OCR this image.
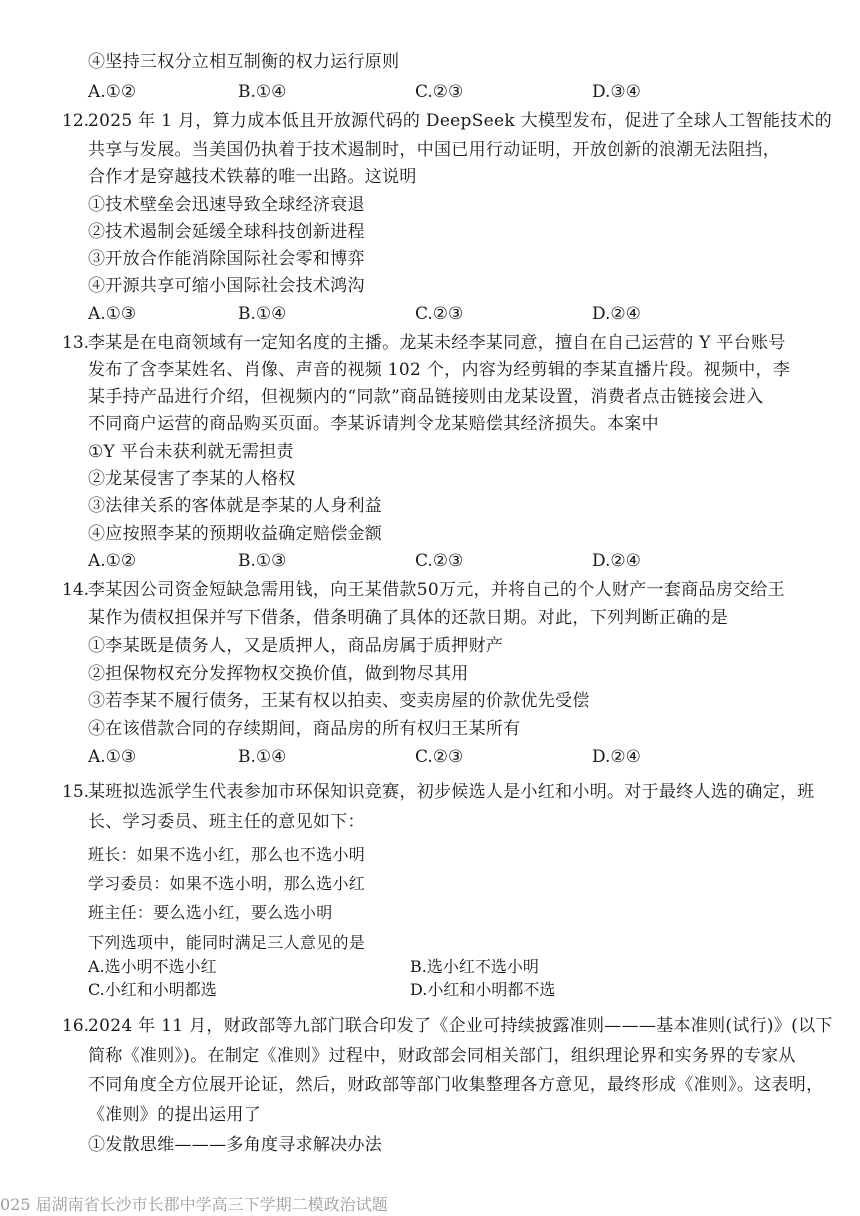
④坚持三权分立相互制衡的权力运行原则
A.①②	B.①④	C.②③	D.③④
12.
2025 年 1 月，算力成本低且开放源代码的 DeepSeek 大模型发布，促进了全球人工智能技术的
共享与发展。当美国仍执着于技术遏制时，中国已用行动证明，开放创新的浪潮无法阻挡，
合作才是穿越技术铁幕的唯一出路。这说明
①技术壁垒会迅速导致全球经济衰退
②技术遏制会延缓全球科技创新进程
③开放合作能消除国际社会零和博弈
④开源共享可缩小国际社会技术鸿沟
A.①③	B.①④	C.②③	D.②④
13.
李某是在电商领域有一定知名度的主播。龙某未经李某同意，擅自在自己运营的 Y 平台账号
发布了含李某姓名、肖像、声音的视频 102 个，内容为经剪辑的李某直播片段。视频中，李
某手持产品进行介绍，但视频内的“同款”商品链接则由龙某设置，消费者点击链接会进入
不同商户运营的商品购买页面。李某诉请判令龙某赔偿其经济损失。本案中
①Y 平台未获利就无需担责
②龙某侵害了李某的人格权
③法律关系的客体就是李某的人身利益
④应按照李某的预期收益确定赔偿金额
A.①②	B.①③	C.②③	D.②④
14.
李某因公司资金短缺急需用钱，向王某借款50万元，并将自己的个人财产一套商品房交给王
某作为债权担保并写下借条，借条明确了具体的还款日期。对此，下列判断正确的是
①李某既是债务人，又是质押人，商品房属于质押财产
②担保物权充分发挥物权交换价值，做到物尽其用
③若李某不履行债务，王某有权以拍卖、变卖房屋的价款优先受偿
④在该借款合同的存续期间，商品房的所有权归王某所有
A.①③	B.①④	C.②③	D.②④
15.
某班拟选派学生代表参加市环保知识竞赛，初步候选人是小红和小明。对于最终人选的确定，班
长、学习委员、班主任的意见如下：
班长：如果不选小红，那么也不选小明
学习委员：如果不选小明，那么选小红
班主任：要么选小红，要么选小明
下列选项中，能同时满足三人意见的是
A.选小明不选小红	B.选小红不选小明
C.小红和小明都选	D.小红和小明都不选
16.
2024 年 11 月，财政部等九部门联合印发了《企业可持续披露准则———基本准则(试行)》(以下
简称《准则》)。在制定《准则》过程中，财政部会同相关部门，组织理论界和实务界的专家从
不同角度全方位展开论证，然后，财政部等部门收集整理各方意见，最终形成《准则》。这表明，
《准则》的提出运用了
①发散思维———多角度寻求解决办法
025 届湖南省长沙市长郡中学高三下学期二模政治试题
